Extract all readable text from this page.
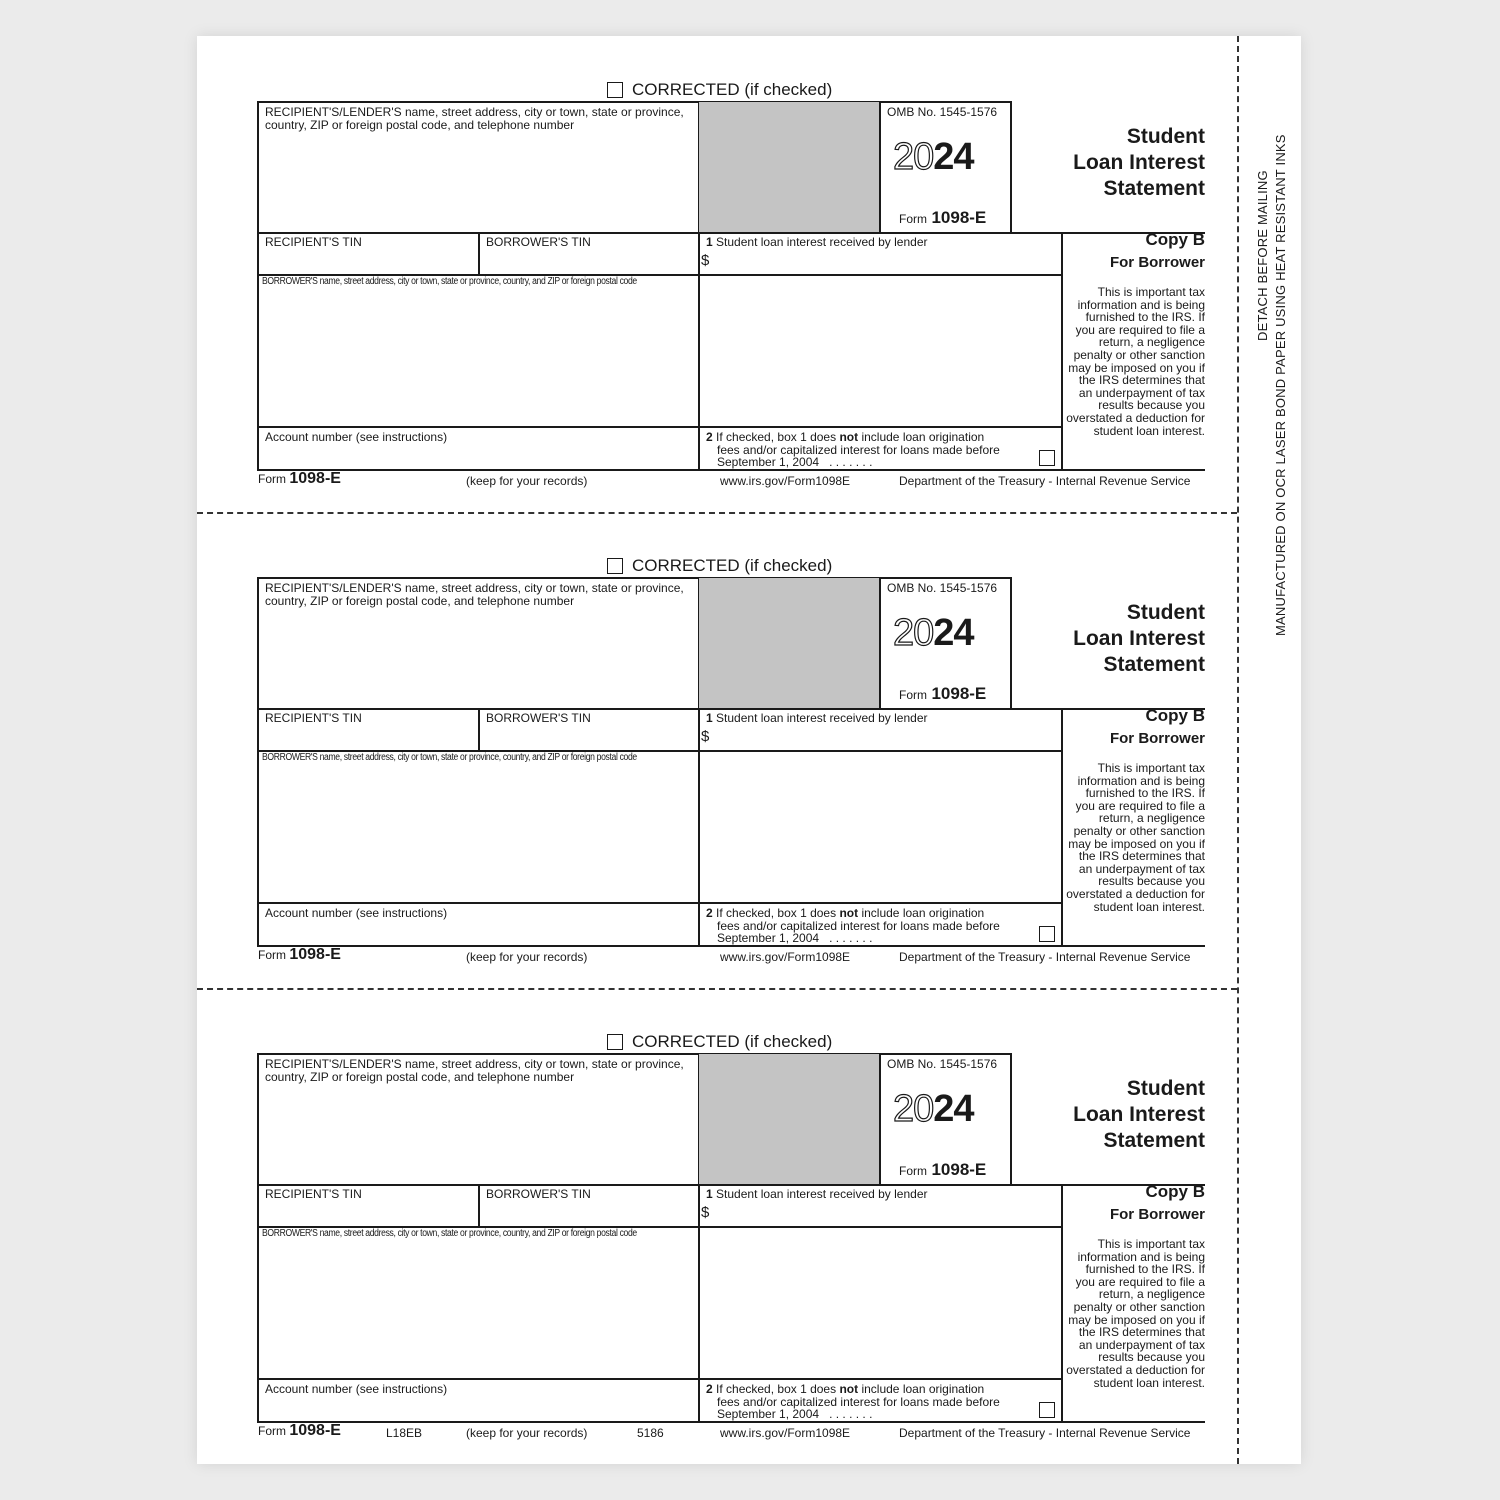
DETACH BEFORE MAILING MANUFACTURED ON OCR LASER BOND PAPER USING HEAT RESISTANT INKS
CORRECTED (if checked)
RECIPIENT'S/LENDER'S name, street address, city or town, state or province, country, ZIP or foreign postal code, and telephone number
OMB No. 1545-1576
2024
Form 1098-E
Student
Loan Interest
Statement
RECIPIENT'S TIN	BORROWER'S TIN	1 Student loan interest received by lender
$
Copy B
For Borrower
This is important tax information and is being furnished to the IRS. If you are required to file a return, a negligence penalty or other sanction may be imposed on you if the IRS determines that an underpayment of tax results because you overstated a deduction for student loan interest.
BORROWER'S name, street address, city or town, state or province, country, and ZIP or foreign postal code
Account number (see instructions)	2 If checked, box 1 does not include loan origination
fees and/or capitalized interest for loans made before
September 1, 2004 . . . . . . .
Form 1098-E	(keep for your records)	www.irs.gov/Form1098E	Department of the Treasury - Internal Revenue Service
CORRECTED (if checked)
RECIPIENT'S/LENDER'S name, street address, city or town, state or province, country, ZIP or foreign postal code, and telephone number
OMB No. 1545-1576
2024
Form 1098-E
Student
Loan Interest
Statement
RECIPIENT'S TIN	BORROWER'S TIN	1 Student loan interest received by lender
$
Copy B
For Borrower
This is important tax information and is being furnished to the IRS. If you are required to file a return, a negligence penalty or other sanction may be imposed on you if the IRS determines that an underpayment of tax results because you overstated a deduction for student loan interest.
BORROWER'S name, street address, city or town, state or province, country, and ZIP or foreign postal code
Account number (see instructions)	2 If checked, box 1 does not include loan origination
fees and/or capitalized interest for loans made before
September 1, 2004 . . . . . . .
Form 1098-E	(keep for your records)	www.irs.gov/Form1098E	Department of the Treasury - Internal Revenue Service
CORRECTED (if checked)
RECIPIENT'S/LENDER'S name, street address, city or town, state or province, country, ZIP or foreign postal code, and telephone number
OMB No. 1545-1576
2024
Form 1098-E
Student
Loan Interest
Statement
RECIPIENT'S TIN	BORROWER'S TIN	1 Student loan interest received by lender
$
Copy B
For Borrower
This is important tax information and is being furnished to the IRS. If you are required to file a return, a negligence penalty or other sanction may be imposed on you if the IRS determines that an underpayment of tax results because you overstated a deduction for student loan interest.
BORROWER'S name, street address, city or town, state or province, country, and ZIP or foreign postal code
Account number (see instructions)	2 If checked, box 1 does not include loan origination
fees and/or capitalized interest for loans made before
September 1, 2004 . . . . . . .
Form 1098-E	L18EB	(keep for your records)	5186	www.irs.gov/Form1098E	Department of the Treasury - Internal Revenue Service
